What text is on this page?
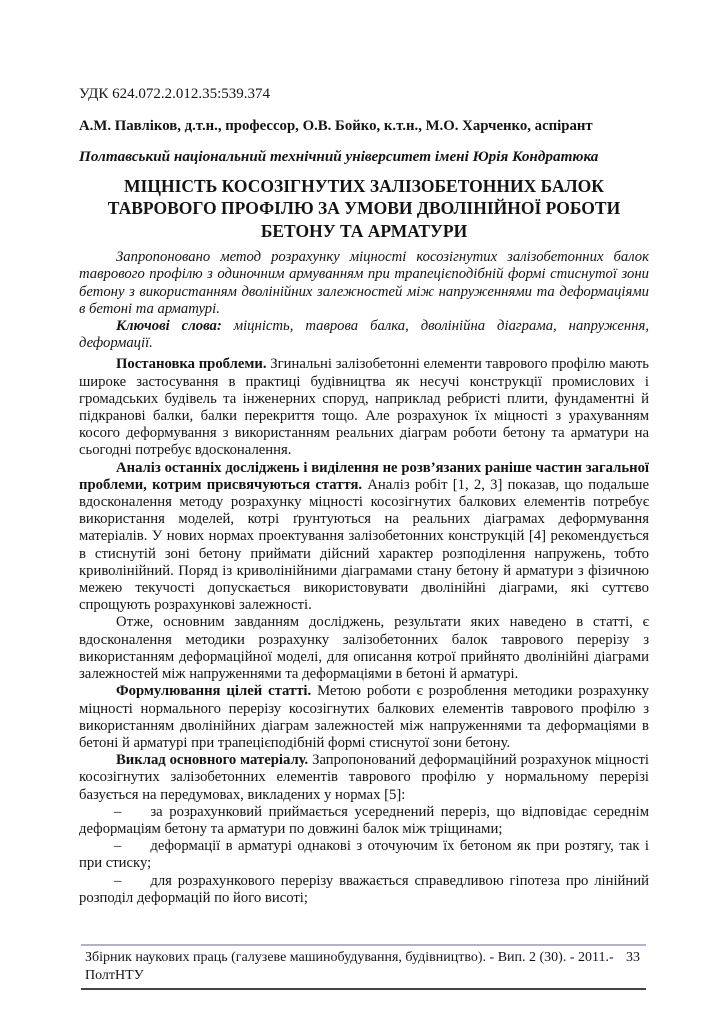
УДК 624.072.2.012.35:539.374
А.М. Павліков, д.т.н., профессор, О.В. Бойко, к.т.н., М.О. Харченко, аспірант
Полтавський національний технічний університет імені Юрія Кондратюка
МІЦНІСТЬ КОСОЗІГНУТИХ ЗАЛІЗОБЕТОННИХ БАЛОК
ТАВРОВОГО ПРОФІЛЮ ЗА УМОВИ ДВОЛІНІЙНОЇ РОБОТИ
БЕТОНУ ТА АРМАТУРИ

Запропоновано метод розрахунку міцності косозігнутих залізобетонних балок таврового профілю з одиночним армуванням при трапецієподібній формі стиснутої зони бетону з використанням дволінійних залежностей між напруженнями та деформаціями в бетоні та арматурі.

Ключові слова: міцність, таврова балка, дволінійна діаграма, напруження, деформації.

Постановка проблеми. Згинальні залізобетонні елементи таврового профілю мають широке застосування в практиці будівництва як несучі конструкції промислових і громадських будівель та інженерних споруд, наприклад ребристі плити, фундаментні й підкранові балки, балки перекриття тощо. Але розрахунок їх міцності з урахуванням косого деформування з використанням реальних діаграм роботи бетону та арматури на сьогодні потребує вдосконалення.

Аналіз останніх досліджень і виділення не розв’язаних раніше частин загальної проблеми, котрим присвячуються стаття. Аналіз робіт [1, 2, 3] показав, що подальше вдосконалення методу розрахунку міцності косозігнутих балкових елементів потребує використання моделей, котрі ґрунтуються на реальних діаграмах деформування матеріалів. У нових нормах проектування залізобетонних конструкцій [4] рекомендується в стиснутій зоні бетону приймати дійсний характер розподілення напружень, тобто криволінійний. Поряд із криволінійними діаграмами стану бетону й арматури з фізичною межею текучості допускається використовувати дволінійні діаграми, які суттєво спрощують розрахункові залежності.

Отже, основним завданням досліджень, результати яких наведено в статті, є вдосконалення методики розрахунку залізобетонних балок таврового перерізу з використанням деформаційної моделі, для описання котрої прийнято дволінійні діаграми залежностей між напруженнями та деформаціями в бетоні й арматурі.

Формулювання цілей статті. Метою роботи є розроблення методики розрахунку міцності нормального перерізу косозігнутих балкових елементів таврового профілю з використанням дволінійних діаграм залежностей між напруженнями та деформаціями в бетоні й арматурі при трапецієподібній формі стиснутої зони бетону.

Виклад основного матеріалу. Запропонований деформаційний розрахунок міцності косозігнутих залізобетонних елементів таврового профілю у нормальному перерізі базується на передумовах, викладених у нормах [5]:

– за розрахунковий приймається усереднений переріз, що відповідає середнім деформаціям бетону та арматури по довжині балок між тріщинами;

– деформації в арматурі однакові з оточуючим їх бетоном як при розтягу, так і при стиску;

– для розрахункового перерізу вважається справедливою гіпотеза про лінійний розподіл деформацій по його висоті;

Збірник наукових праць (галузеве машинобудування, будівництво). - Вип. 2 (30). - 2011.-ПолтНТУ
33
